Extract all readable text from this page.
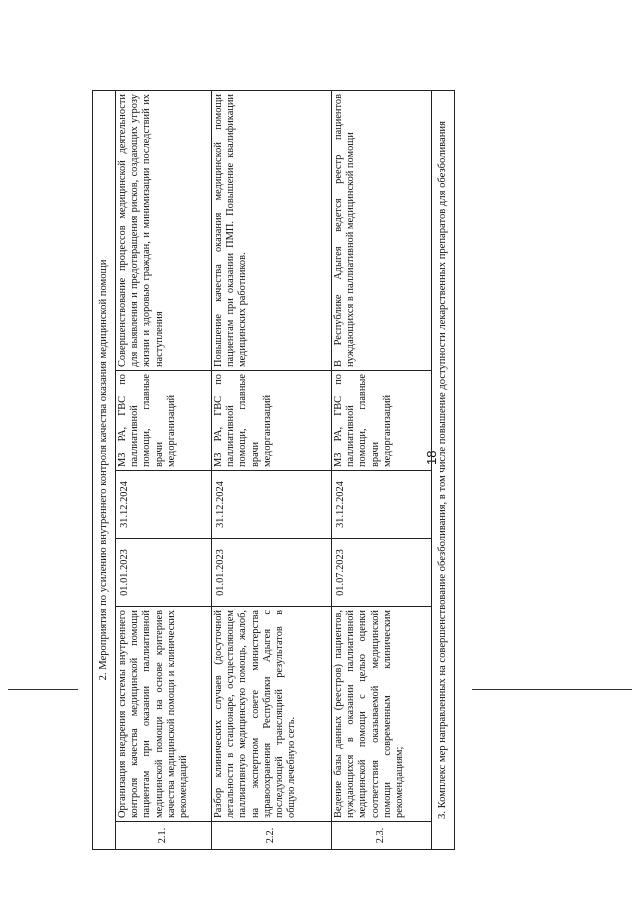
18
2. Мероприятия по усилению внутреннего контроля качества оказания медицинской помощи					
2.1.	Организация внедрения системы внутреннего контроля качества медицинской помощи пациентам при оказании паллиативной медицинской помощи на основе критериев качества медицинской помощи и клинических рекомендаций	01.01.2023	31.12.2024	МЗ РА, ГВС по паллиативной помощи, главные врачи медорганизаций	Совершенствование процессов медицинской деятельности для выявления и предотвращения рисков, создающих угрозу жизни и здоровью граждан, и минимизации последствий их наступления
2.2.	Разбор клинических случаев (досуточной летальности в стационаре, осуществляющем паллиативную медицинскую помощь, жалоб, на экспертном совете министерства здравоохранения Республики Адыгея с последующей трансляцией результатов в общую лечебную сеть.	01.01.2023	31.12.2024	МЗ РА, ГВС по паллиативной помощи, главные врачи медорганизаций	Повышение качества оказания медицинской помощи пациентам при оказании ПМП. Повышение квалификации медицинских работников.
2.3.	Ведение базы данных (реестров) пациентов, нуждающихся в оказании паллиативной медицинской помощи с целью оценки соответствия оказываемой медицинской помощи современным клиническим рекомендациям;	01.07.2023	31.12.2024	МЗ РА, ГВС по паллиативной помощи, главные врачи медорганизаций	В Республике Адыгея ведется реестр пациентов нуждающихся в паллиативной медицинской помощи
3. Комплекс мер направленных на совершенствование обезболивания, в том числе повышение доступности лекарственных препаратов для обезболивания					
